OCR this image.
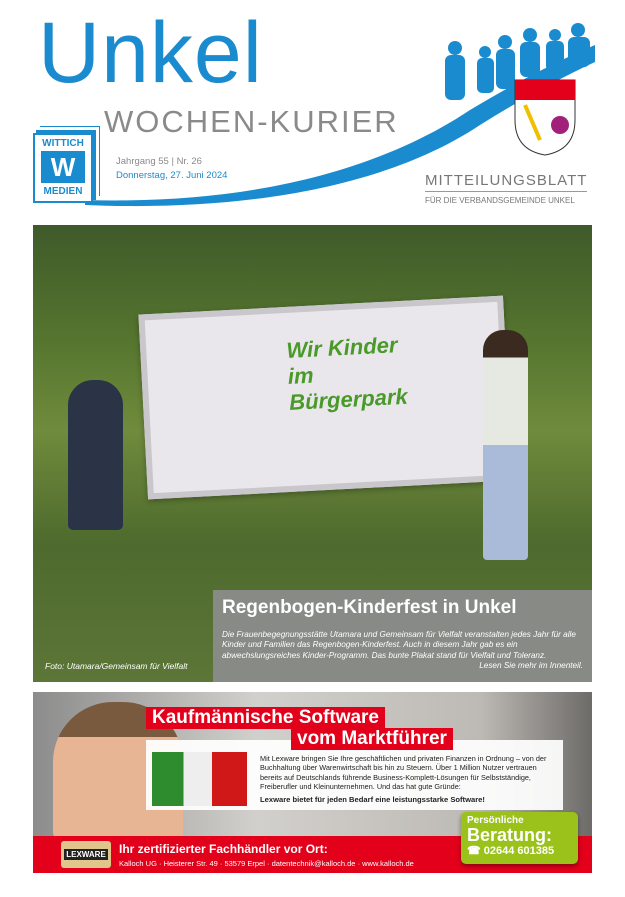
Unkel
WOCHEN-KURIER
WITTICH
W
MEDIEN
Jahrgang 55 | Nr. 26
Donnerstag, 27. Juni 2024	MITTEILUNGSBLATT
FÜR DIE VERBANDSGEMEINDE UNKEL
Wir Kinder im Bürgerpark
Regenbogen-Kinderfest in Unkel

Die Frauenbegegnungsstätte Utamara und Gemeinsam für Vielfalt veranstalten jedes Jahr für alle Kinder und Familien das Regenbogen-Kinderfest. Auch in diesem Jahr gab es ein abwechslungsreiches Kinder-Programm. Das bunte Plakat stand für Vielfalt und Toleranz.

Lesen Sie mehr im Innenteil.

Foto: Utamara/Gemeinsam für Vielfalt
Mit Lexware bringen Sie Ihre geschäftlichen und privaten Finanzen in Ordnung – von der Buchhaltung über Warenwirtschaft bis hin zu Steuern. Über 1 Million Nutzer vertrauen bereits auf Deutschlands führende Business-Komplett-Lösungen für Selbstständige, Freiberufler und Kleinunternehmen. Und das hat gute Gründe:
Lexware bietet für jeden Bedarf eine leistungsstarke Software!
Kaufmännische Software
vom Marktführer
LEXWARE	Ihr zertifizierter Fachhändler vor Ort:
Kalloch UG · Heisterer Str. 49 · 53579 Erpel · datentechnik@kalloch.de · www.kalloch.de
Persönliche
Beratung:
☎ 02644 601385
